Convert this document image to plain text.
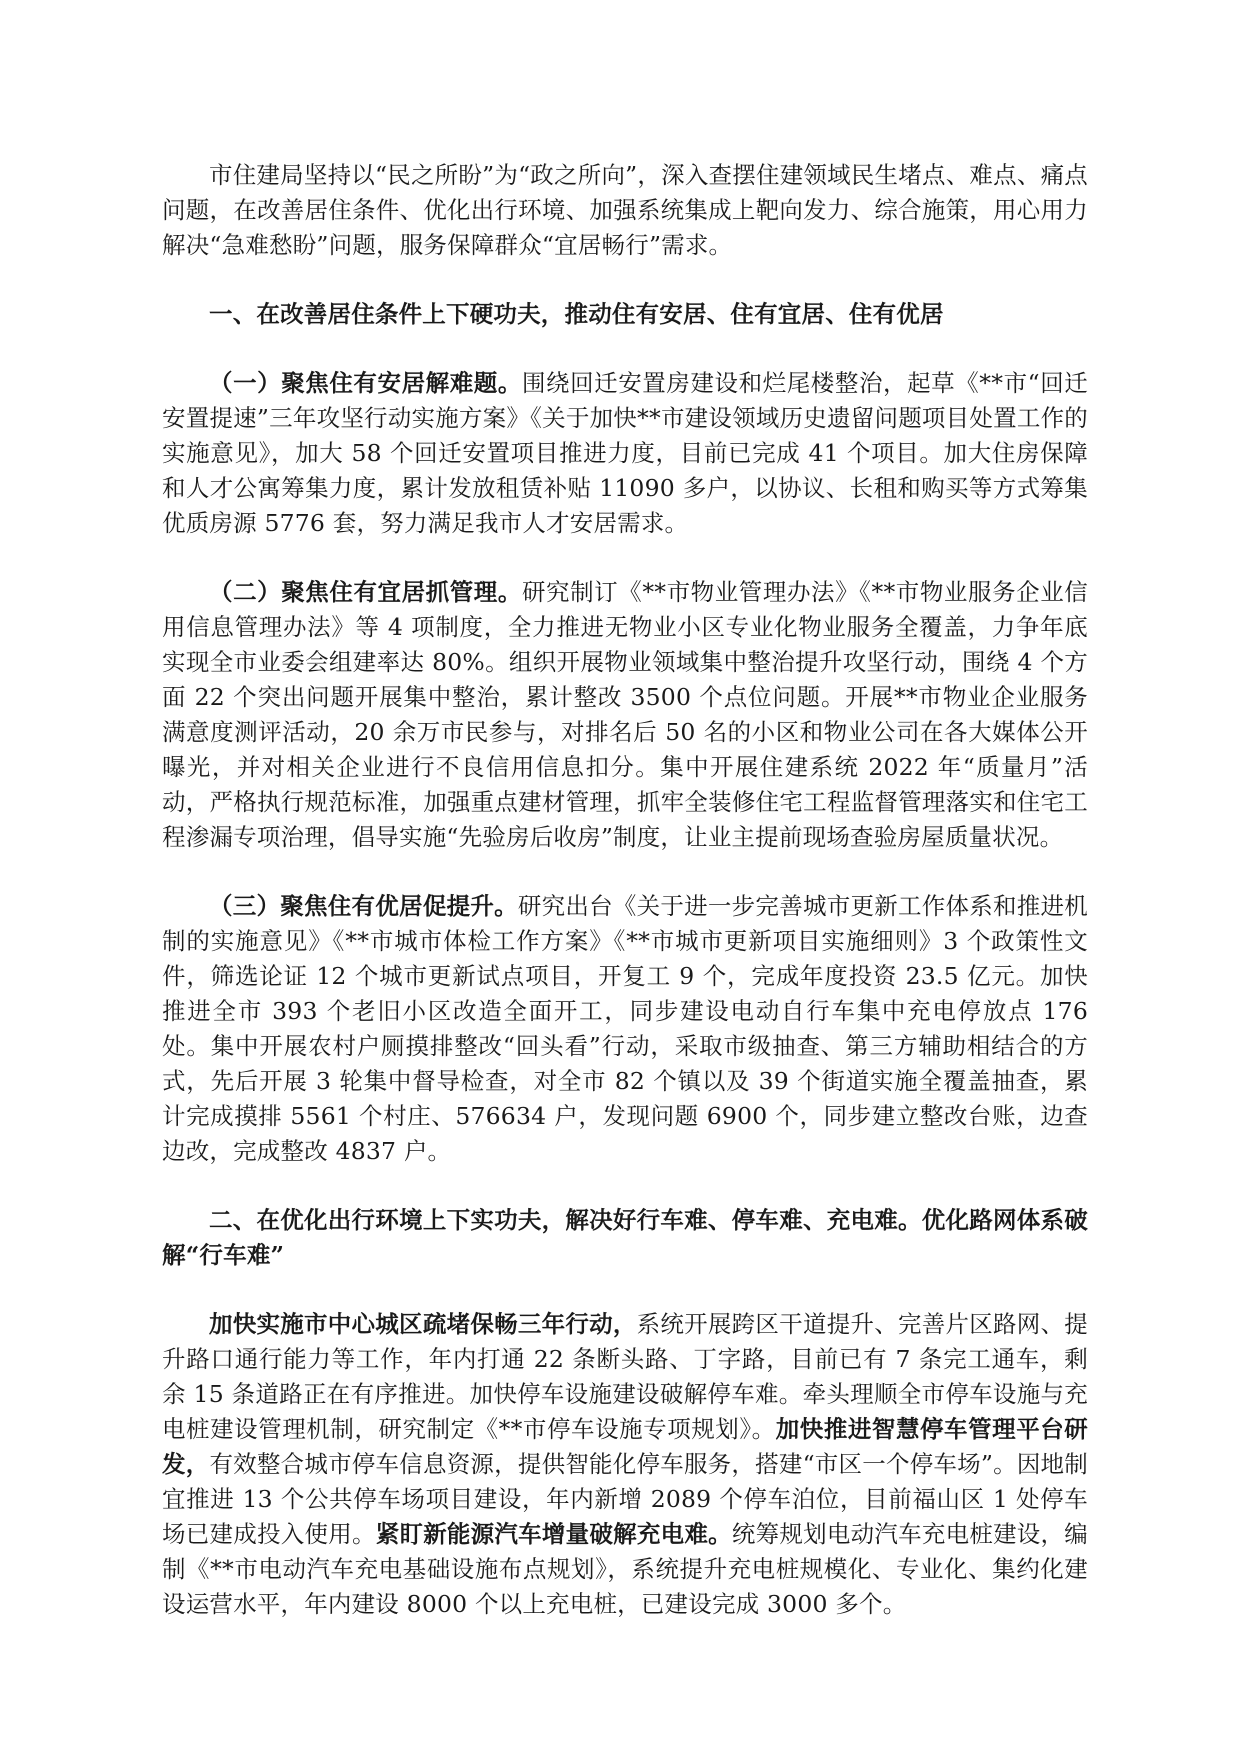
市住建局坚持以“民之所盼”为“政之所向”，深入查摆住建领域民生堵点、难点、痛点问题，在改善居住条件、优化出行环境、加强系统集成上靶向发力、综合施策，用心用力解决“急难愁盼”问题，服务保障群众“宜居畅行”需求。

一、在改善居住条件上下硬功夫，推动住有安居、住有宜居、住有优居

（一）聚焦住有安居解难题。围绕回迁安置房建设和烂尾楼整治，起草《**市“回迁安置提速”三年攻坚行动实施方案》《关于加快**市建设领域历史遗留问题项目处置工作的实施意见》，加大 58 个回迁安置项目推进力度，目前已完成 41 个项目。加大住房保障和人才公寓筹集力度，累计发放租赁补贴 11090 多户，以协议、长租和购买等方式筹集优质房源 5776 套，努力满足我市人才安居需求。

（二）聚焦住有宜居抓管理。研究制订《**市物业管理办法》《**市物业服务企业信用信息管理办法》等 4 项制度，全力推进无物业小区专业化物业服务全覆盖，力争年底实现全市业委会组建率达 80%。组织开展物业领域集中整治提升攻坚行动，围绕 4 个方面 22 个突出问题开展集中整治，累计整改 3500 个点位问题。开展**市物业企业服务满意度测评活动，20 余万市民参与，对排名后 50 名的小区和物业公司在各大媒体公开曝光，并对相关企业进行不良信用信息扣分。集中开展住建系统 2022 年“质量月”活动，严格执行规范标准，加强重点建材管理，抓牢全装修住宅工程监督管理落实和住宅工程渗漏专项治理，倡导实施“先验房后收房”制度，让业主提前现场查验房屋质量状况。

（三）聚焦住有优居促提升。研究出台《关于进一步完善城市更新工作体系和推进机制的实施意见》《**市城市体检工作方案》《**市城市更新项目实施细则》3 个政策性文件，筛选论证 12 个城市更新试点项目，开复工 9 个，完成年度投资 23.5 亿元。加快推进全市 393 个老旧小区改造全面开工，同步建设电动自行车集中充电停放点 176 处。集中开展农村户厕摸排整改“回头看”行动，采取市级抽查、第三方辅助相结合的方式，先后开展 3 轮集中督导检查，对全市 82 个镇以及 39 个街道实施全覆盖抽查，累计完成摸排 5561 个村庄、576634 户，发现问题 6900 个，同步建立整改台账，边查边改，完成整改 4837 户。

二、在优化出行环境上下实功夫，解决好行车难、停车难、充电难。优化路网体系破解“行车难”

加快实施市中心城区疏堵保畅三年行动，系统开展跨区干道提升、完善片区路网、提升路口通行能力等工作，年内打通 22 条断头路、丁字路，目前已有 7 条完工通车，剩余 15 条道路正在有序推进。加快停车设施建设破解停车难。牵头理顺全市停车设施与充电桩建设管理机制，研究制定《**市停车设施专项规划》。加快推进智慧停车管理平台研发，有效整合城市停车信息资源，提供智能化停车服务，搭建“市区一个停车场”。因地制宜推进 13 个公共停车场项目建设，年内新增 2089 个停车泊位，目前福山区 1 处停车场已建成投入使用。紧盯新能源汽车增量破解充电难。统筹规划电动汽车充电桩建设，编制《**市电动汽车充电基础设施布点规划》，系统提升充电桩规模化、专业化、集约化建设运营水平，年内建设 8000 个以上充电桩，已建设完成 3000 多个。
